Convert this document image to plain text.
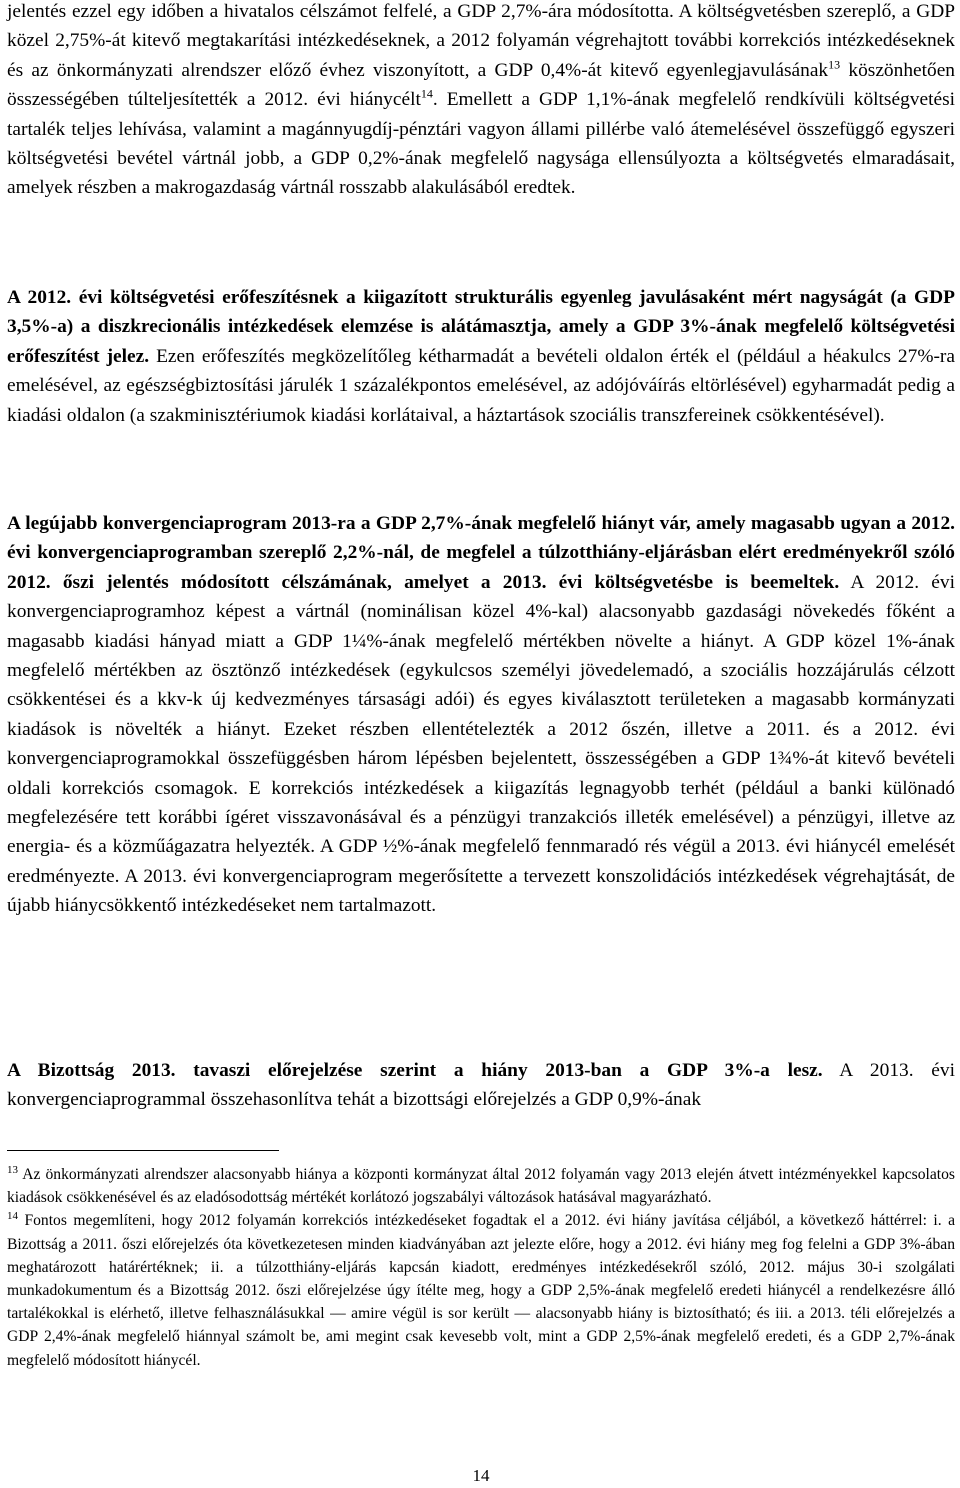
jelentés ezzel egy időben a hivatalos célszámot felfelé, a GDP 2,7%-ára módosította. A költségvetésben szereplő, a GDP közel 2,75%-át kitevő megtakarítási intézkedéseknek, a 2012 folyamán végrehajtott további korrekciós intézkedéseknek és az önkormányzati alrendszer előző évhez viszonyított, a GDP 0,4%-át kitevő egyenlegjavulásának$^{13}$ köszönhetően összességében túlteljesítették a 2012. évi hiánycélt$^{14}$. Emellett a GDP 1,1%-ának megfelelő rendkívüli költségvetési tartalék teljes lehívása, valamint a magánnyugdíj-pénztári vagyon állami pillérbe való átemelésével összefüggő egyszeri költségvetési bevétel vártnál jobb, a GDP 0,2%-ának megfelelő nagysága ellensúlyozta a költségvetés elmaradásait, amelyek részben a makrogazdaság vártnál rosszabb alakulásából eredtek.

A 2012. évi költségvetési erőfeszítésnek a kiigazított strukturális egyenleg javulásaként mért nagyságát (a GDP 3,5%-a) a diszkrecionális intézkedések elemzése is alátámasztja, amely a GDP 3%-ának megfelelő költségvetési erőfeszítést jelez. Ezen erőfeszítés megközelítőleg kétharmadát a bevételi oldalon érték el (például a héakulcs 27%-ra emelésével, az egészségbiztosítási járulék 1 százalékpontos emelésével, az adójóváírás eltörlésével) egyharmadát pedig a kiadási oldalon (a szakminisztériumok kiadási korlátaival, a háztartások szociális transzfereinek csökkentésével).

A legújabb konvergenciaprogram 2013-ra a GDP 2,7%-ának megfelelő hiányt vár, amely magasabb ugyan a 2012. évi konvergenciaprogramban szereplő 2,2%-nál, de megfelel a túlzotthiány-eljárásban elért eredményekről szóló 2012. őszi jelentés módosított célszámának, amelyet a 2013. évi költségvetésbe is beemeltek. A 2012. évi konvergenciaprogramhoz képest a vártnál (nominálisan közel 4%-kal) alacsonyabb gazdasági növekedés főként a magasabb kiadási hányad miatt a GDP 1¼%-ának megfelelő mértékben növelte a hiányt. A GDP közel 1%-ának megfelelő mértékben az ösztönző intézkedések (egykulcsos személyi jövedelemadó, a szociális hozzájárulás célzott csökkentései és a kkv-k új kedvezményes társasági adói) és egyes kiválasztott területeken a magasabb kormányzati kiadások is növelték a hiányt. Ezeket részben ellentételezték a 2012 őszén, illetve a 2011. és a 2012. évi konvergenciaprogramokkal összefüggésben három lépésben bejelentett, összességében a GDP 1¾%-át kitevő bevételi oldali korrekciós csomagok. E korrekciós intézkedések a kiigazítás legnagyobb terhét (például a banki különadó megfelezésére tett korábbi ígéret visszavonásával és a pénzügyi tranzakciós illeték emelésével) a pénzügyi, illetve az energia- és a közműágazatra helyezték. A GDP ½%-ának megfelelő fennmaradó rés végül a 2013. évi hiánycél emelését eredményezte. A 2013. évi konvergenciaprogram megerősítette a tervezett konszolidációs intézkedések végrehajtását, de újabb hiánycsökkentő intézkedéseket nem tartalmazott.

A Bizottság 2013. tavaszi előrejelzése szerint a hiány 2013-ban a GDP 3%-a lesz. A 2013. évi konvergenciaprogrammal összehasonlítva tehát a bizottsági előrejelzés a GDP 0,9%-ának

$^{13}$ Az önkormányzati alrendszer alacsonyabb hiánya a központi kormányzat által 2012 folyamán vagy 2013 elején átvett intézményekkel kapcsolatos kiadások csökkenésével és az eladósodottság mértékét korlátozó jogszabályi változások hatásával magyarázható.

$^{14}$ Fontos megemlíteni, hogy 2012 folyamán korrekciós intézkedéseket fogadtak el a 2012. évi hiány javítása céljából, a következő háttérrel: i. a Bizottság a 2011. őszi előrejelzés óta következetesen minden kiadványában azt jelezte előre, hogy a 2012. évi hiány meg fog felelni a GDP 3%-ában meghatározott határértéknek; ii. a túlzotthiány-eljárás kapcsán kiadott, eredményes intézkedésekről szóló, 2012. május 30-i szolgálati munkadokumentum és a Bizottság 2012. őszi előrejelzése úgy ítélte meg, hogy a GDP 2,5%-ának megfelelő eredeti hiánycél a rendelkezésre álló tartalékokkal is elérhető, illetve felhasználásukkal — amire végül is sor került — alacsonyabb hiány is biztosítható; és iii. a 2013. téli előrejelzés a GDP 2,4%-ának megfelelő hiánnyal számolt be, ami megint csak kevesebb volt, mint a GDP 2,5%-ának megfelelő eredeti, és a GDP 2,7%-ának megfelelő módosított hiánycél.

14
